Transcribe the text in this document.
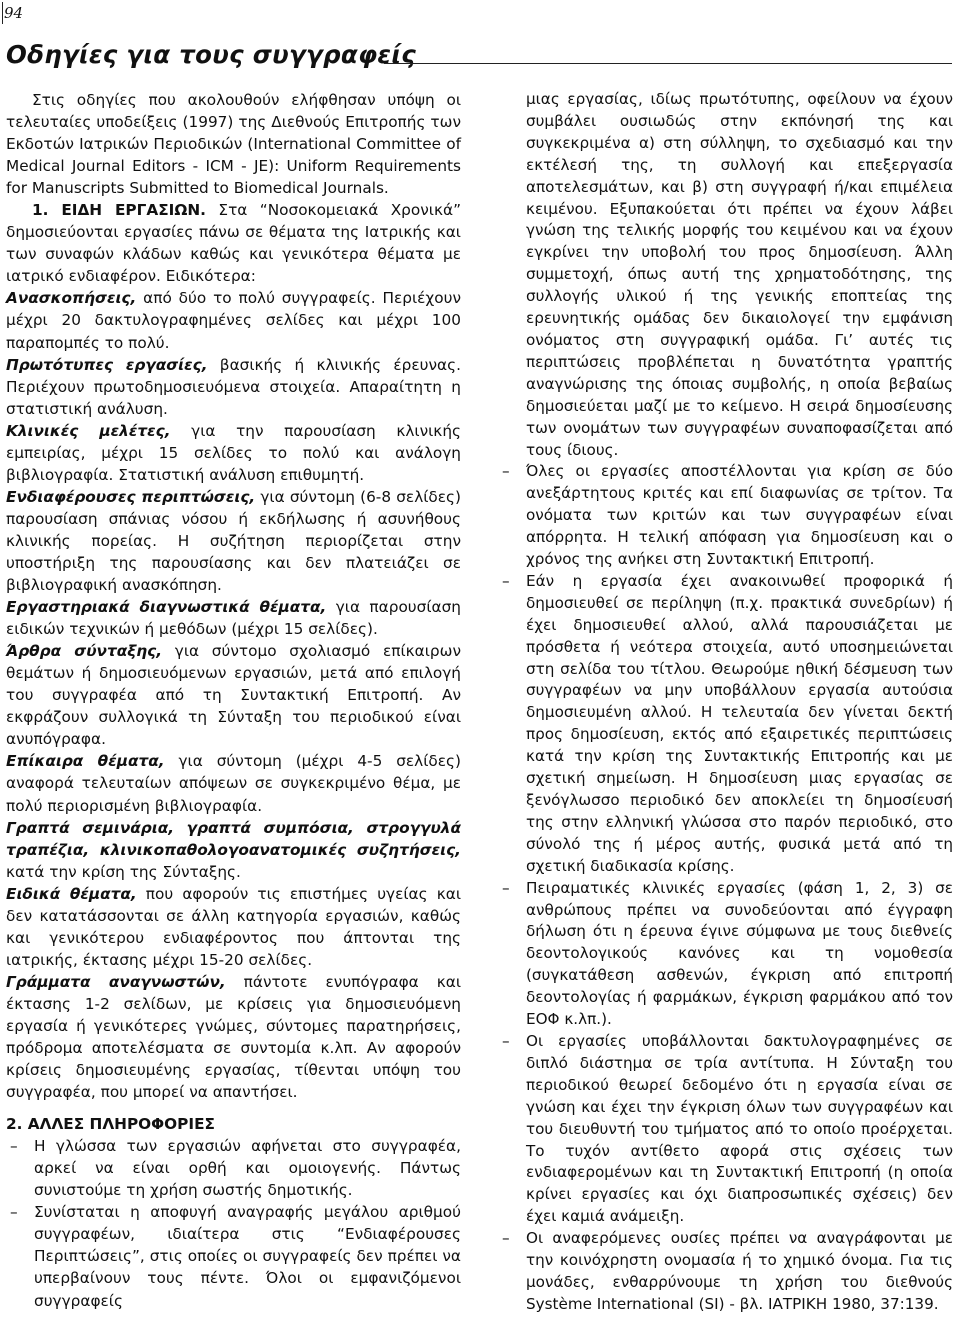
94
Οδηγίες για τους συγγραφείς

Στις οδηγίες που ακολουθούν ελήφθησαν υπόψη οι τελευταίες υποδείξεις (1997) της Διεθνούς Επιτροπής των Εκδοτών Ιατρικών Περιοδικών (International Committee of Medical Journal Editors - ICM - JE): Uniform Requirements for Manuscripts Submitted to Biomedical Journals.

1. ΕΙΔΗ ΕΡΓΑΣΙΩΝ. Στα “Νοσοκομειακά Χρονικά” δημοσιεύονται εργασίες πάνω σε θέματα της Ιατρικής και των συναφών κλάδων καθώς και γενικότερα θέματα με ιατρικό ενδιαφέρον. Ειδικότερα:

Ανασκοπήσεις, από δύο το πολύ συγγραφείς. Περιέχουν μέχρι 20 δακτυλογραφημένες σελίδες και μέχρι 100 παραπομπές το πολύ.

Πρωτότυπες εργασίες, βασικής ή κλινικής έρευνας. Περιέχουν πρωτοδημοσιευόμενα στοιχεία. Απαραίτητη η στατιστική ανάλυση.

Κλινικές μελέτες, για την παρουσίαση κλινικής εμπειρίας, μέχρι 15 σελίδες το πολύ και ανάλογη βιβλιογραφία. Στατιστική ανάλυση επιθυμητή.

Ενδιαφέρουσες περιπτώσεις, για σύντομη (6-8 σελίδες) παρουσίαση σπάνιας νόσου ή εκδήλωσης ή ασυνήθους κλινικής πορείας. Η συζήτηση περιορίζεται στην υποστήριξη της παρουσίασης και δεν πλατειάζει σε βιβλιογραφική ανασκόπηση.

Εργαστηριακά διαγνωστικά θέματα, για παρουσίαση ειδικών τεχνικών ή μεθόδων (μέχρι 15 σελίδες).

Άρθρα σύνταξης, για σύντομο σχολιασμό επίκαιρων θεμάτων ή δημοσιευόμενων εργασιών, μετά από επιλογή του συγγραφέα από τη Συντακτική Επιτροπή. Αν εκφράζουν συλλογικά τη Σύνταξη του περιοδικού είναι ανυπόγραφα.

Επίκαιρα θέματα, για σύντομη (μέχρι 4-5 σελίδες) αναφορά τελευταίων απόψεων σε συγκεκριμένο θέμα, με πολύ περιορισμένη βιβλιογραφία.

Γραπτά σεμινάρια, γραπτά συμπόσια, στρογγυλά τραπέζια, κλινικοπαθολογοανατομικές συζητήσεις, κατά την κρίση της Σύνταξης.

Ειδικά θέματα, που αφορούν τις επιστήμες υγείας και δεν κατατάσσονται σε άλλη κατηγορία εργασιών, καθώς και γενικότερου ενδιαφέροντος που άπτονται της ιατρικής, έκτασης μέχρι 15-20 σελίδες.

Γράμματα αναγνωστών, πάντοτε ενυπόγραφα και έκτασης 1-2 σελίδων, με κρίσεις για δημοσιευόμενη εργασία ή γενικότερες γνώμες, σύντομες παρατηρήσεις, πρόδρομα αποτελέσματα σε συντομία κ.λπ. Αν αφορούν κρίσεις δημοσιευμένης εργασίας, τίθενται υπόψη του συγγραφέα, που μπορεί να απαντήσει.

2. ΑΛΛΕΣ ΠΛΗΡΟΦΟΡΙΕΣ

– Η γλώσσα των εργασιών αφήνεται στο συγγραφέα, αρκεί να είναι ορθή και ομοιογενής. Πάντως συνιστούμε τη χρήση σωστής δημοτικής.

– Συνίσταται η αποφυγή αναγραφής μεγάλου αριθμού συγγραφέων, ιδιαίτερα στις “Ενδιαφέρουσες Περιπτώσεις”, στις οποίες οι συγγραφείς δεν πρέπει να υπερβαίνουν τους πέντε. Όλοι οι εμφανιζόμενοι συγγραφείς

μιας εργασίας, ιδίως πρωτότυπης, οφείλουν να έχουν συμβάλει ουσιωδώς στην εκπόνησή της και συγκεκριμένα α) στη σύλληψη, το σχεδιασμό και την εκτέλεσή της, τη συλλογή και επεξεργασία αποτελεσμάτων, και β) στη συγγραφή ή/και επιμέλεια κειμένου. Εξυπακούεται ότι πρέπει να έχουν λάβει γνώση της τελικής μορφής του κειμένου και να έχουν εγκρίνει την υποβολή του προς δημοσίευση. Άλλη συμμετοχή, όπως αυτή της χρηματοδότησης, της συλλογής υλικού ή της γενικής εποπτείας της ερευνητικής ομάδας δεν δικαιολογεί την εμφάνιση ονόματος στη συγγραφική ομάδα. Γι’ αυτές τις περιπτώσεις προβλέπεται η δυνατότητα γραπτής αναγνώρισης της όποιας συμβολής, η οποία βεβαίως δημοσιεύεται μαζί με το κείμενο. Η σειρά δημοσίευσης των ονομάτων των συγγραφέων συναποφασίζεται από τους ίδιους.

– Όλες οι εργασίες αποστέλλονται για κρίση σε δύο ανεξάρτητους κριτές και επί διαφωνίας σε τρίτον. Τα ονόματα των κριτών και των συγγραφέων είναι απόρρητα. Η τελική απόφαση για δημοσίευση και ο χρόνος της ανήκει στη Συντακτική Επιτροπή.

– Εάν η εργασία έχει ανακοινωθεί προφορικά ή δημοσιευθεί σε περίληψη (π.χ. πρακτικά συνεδρίων) ή έχει δημοσιευθεί αλλού, αλλά παρουσιάζεται με πρόσθετα ή νεότερα στοιχεία, αυτό υποσημειώνεται στη σελίδα του τίτλου. Θεωρούμε ηθική δέσμευση των συγγραφέων να μην υποβάλλουν εργασία αυτούσια δημοσιευμένη αλλού. Η τελευταία δεν γίνεται δεκτή προς δημοσίευση, εκτός από εξαιρετικές περιπτώσεις κατά την κρίση της Συντακτικής Επιτροπής και με σχετική σημείωση. Η δημοσίευση μιας εργασίας σε ξενόγλωσσο περιοδικό δεν αποκλείει τη δημοσίευσή της στην ελληνική γλώσσα στο παρόν περιοδικό, στο σύνολό της ή μέρος αυτής, φυσικά μετά από τη σχετική διαδικασία κρίσης.

– Πειραματικές κλινικές εργασίες (φάση 1, 2, 3) σε ανθρώπους πρέπει να συνοδεύονται από έγγραφη δήλωση ότι η έρευνα έγινε σύμφωνα με τους διεθνείς δεοντολογικούς κανόνες και τη νομοθεσία (συγκατάθεση ασθενών, έγκριση από επιτροπή δεοντολογίας ή φαρμάκων, έγκριση φαρμάκου από τον ΕΟΦ κ.λπ.).

– Οι εργασίες υποβάλλονται δακτυλογραφημένες σε διπλό διάστημα σε τρία αντίτυπα. Η Σύνταξη του περιοδικού θεωρεί δεδομένο ότι η εργασία είναι σε γνώση και έχει την έγκριση όλων των συγγραφέων και του διευθυντή του τμήματος από το οποίο προέρχεται. Το τυχόν αντίθετο αφορά στις σχέσεις των ενδιαφερομένων και τη Συντακτική Επιτροπή (η οποία κρίνει εργασίες και όχι διαπροσωπικές σχέσεις) δεν έχει καμιά ανάμειξη.

– Οι αναφερόμενες ουσίες πρέπει να αναγράφονται με την κοινόχρηστη ονομασία ή το χημικό όνομα. Για τις μονάδες, ενθαρρύνουμε τη χρήση του διεθνούς Système International (SI) - βλ. ΙΑΤΡΙΚΗ 1980, 37:139.
